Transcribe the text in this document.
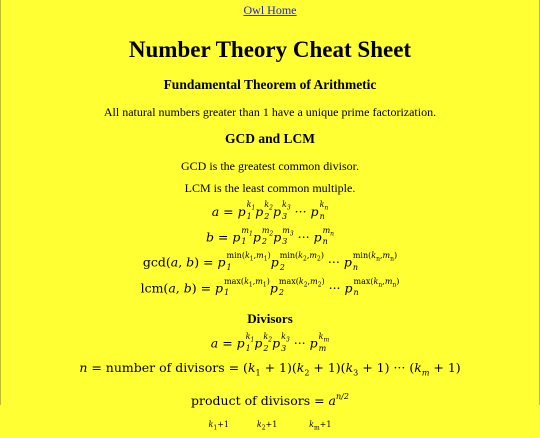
Owl Home
Number Theory Cheat Sheet
Fundamental Theorem of Arithmetic

All natural numbers greater than 1 have a unique prime factorization.

GCD and LCM

GCD is the greatest common divisor.

LCM is the least common multiple.

a = p $k_1$
1 p $k_2$
2 p $k_3$
3 ··· p $k_n$
n
b = p $m_1$
1 p $m_2$
2 p $m_3$
3 ··· p $m_n$
n
gcd(a, b) = p $\min(k_1,m_1)$
1	p $\min(k_2,m_2)$
2	··· p $\min(k_n,m_n)$
n
lcm(a, b) = p $\max(k_1,m_1)$
1	p $\max(k_2,m_2)$
2	··· p $\max(k_n,m_n)$
n
Divisors
a = p $k_1$
1 p $k_2$
2 p $k_3$
3 ··· p $k_m$
m
n = number of divisors = $(k_1 + 1)(k_2 + 1)(k_3 + 1)$ ··· $(k_m + 1)$
product of divisors = $a^{n/2}$
$^{k_1+1}$	$^{k_2+1}$	$^{k_m+1}$
